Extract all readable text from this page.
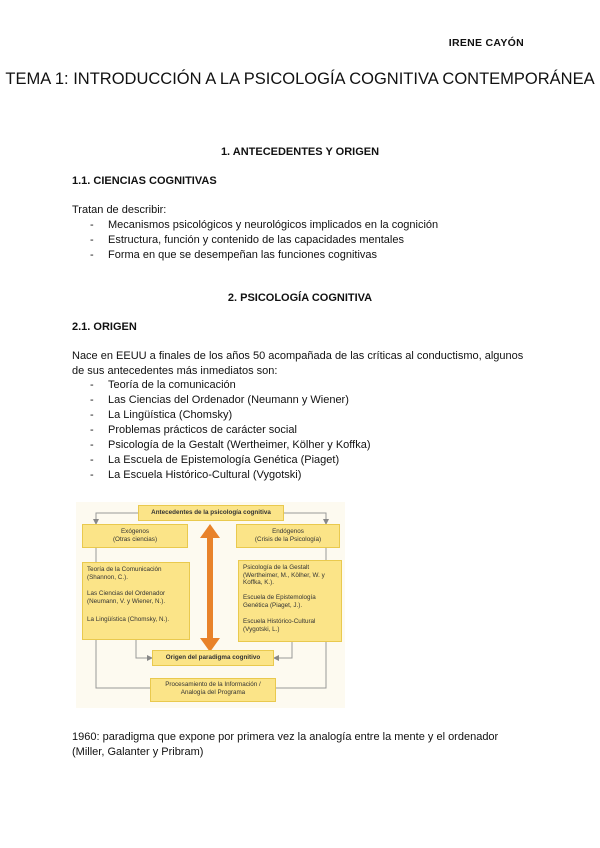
IRENE CAYÓN
TEMA 1: INTRODUCCIÓN A LA PSICOLOGÍA COGNITIVA CONTEMPORÁNEA
1. ANTECEDENTES Y ORIGEN
1.1. CIENCIAS COGNITIVAS
Tratan de describir:
- Mecanismos psicológicos y neurológicos implicados en la cognición
- Estructura, función y contenido de las capacidades mentales
- Forma en que se desempeñan las funciones cognitivas
2. PSICOLOGÍA COGNITIVA
2.1. ORIGEN
Nace en EEUU a finales de los años 50 acompañada de las críticas al conductismo, algunos de sus antecedentes más inmediatos son:
- Teoría de la comunicación
- Las Ciencias del Ordenador (Neumann y Wiener)
- La Lingüística (Chomsky)
- Problemas prácticos de carácter social
- Psicología de la Gestalt (Wertheimer, Kölher y Koffka)
- La Escuela de Epistemología Genética (Piaget)
- La Escuela Histórico-Cultural (Vygotski)
Antecedentes de la psicología cognitiva
Exógenos
(Otras ciencias)
Endógenos
(Crisis de la Psicología)
Teoría de la Comunicación (Shannon, C.).
Las Ciencias del Ordenador (Neumann, V. y Wiener, N.).
La Lingüística (Chomsky, N.).
Psicología de la Gestalt (Wertheimer, M., Kölher, W. y Koffka, K.).
Escuela de Epistemología Genética (Piaget, J.).
Escuela Histórico-Cultural (Vygotski, L.)
Origen del paradigma cognitivo
Procesamiento de la Información / Analogía del Programa
1960: paradigma que expone por primera vez la analogía entre la mente y el ordenador (Miller, Galanter y Pribram)
